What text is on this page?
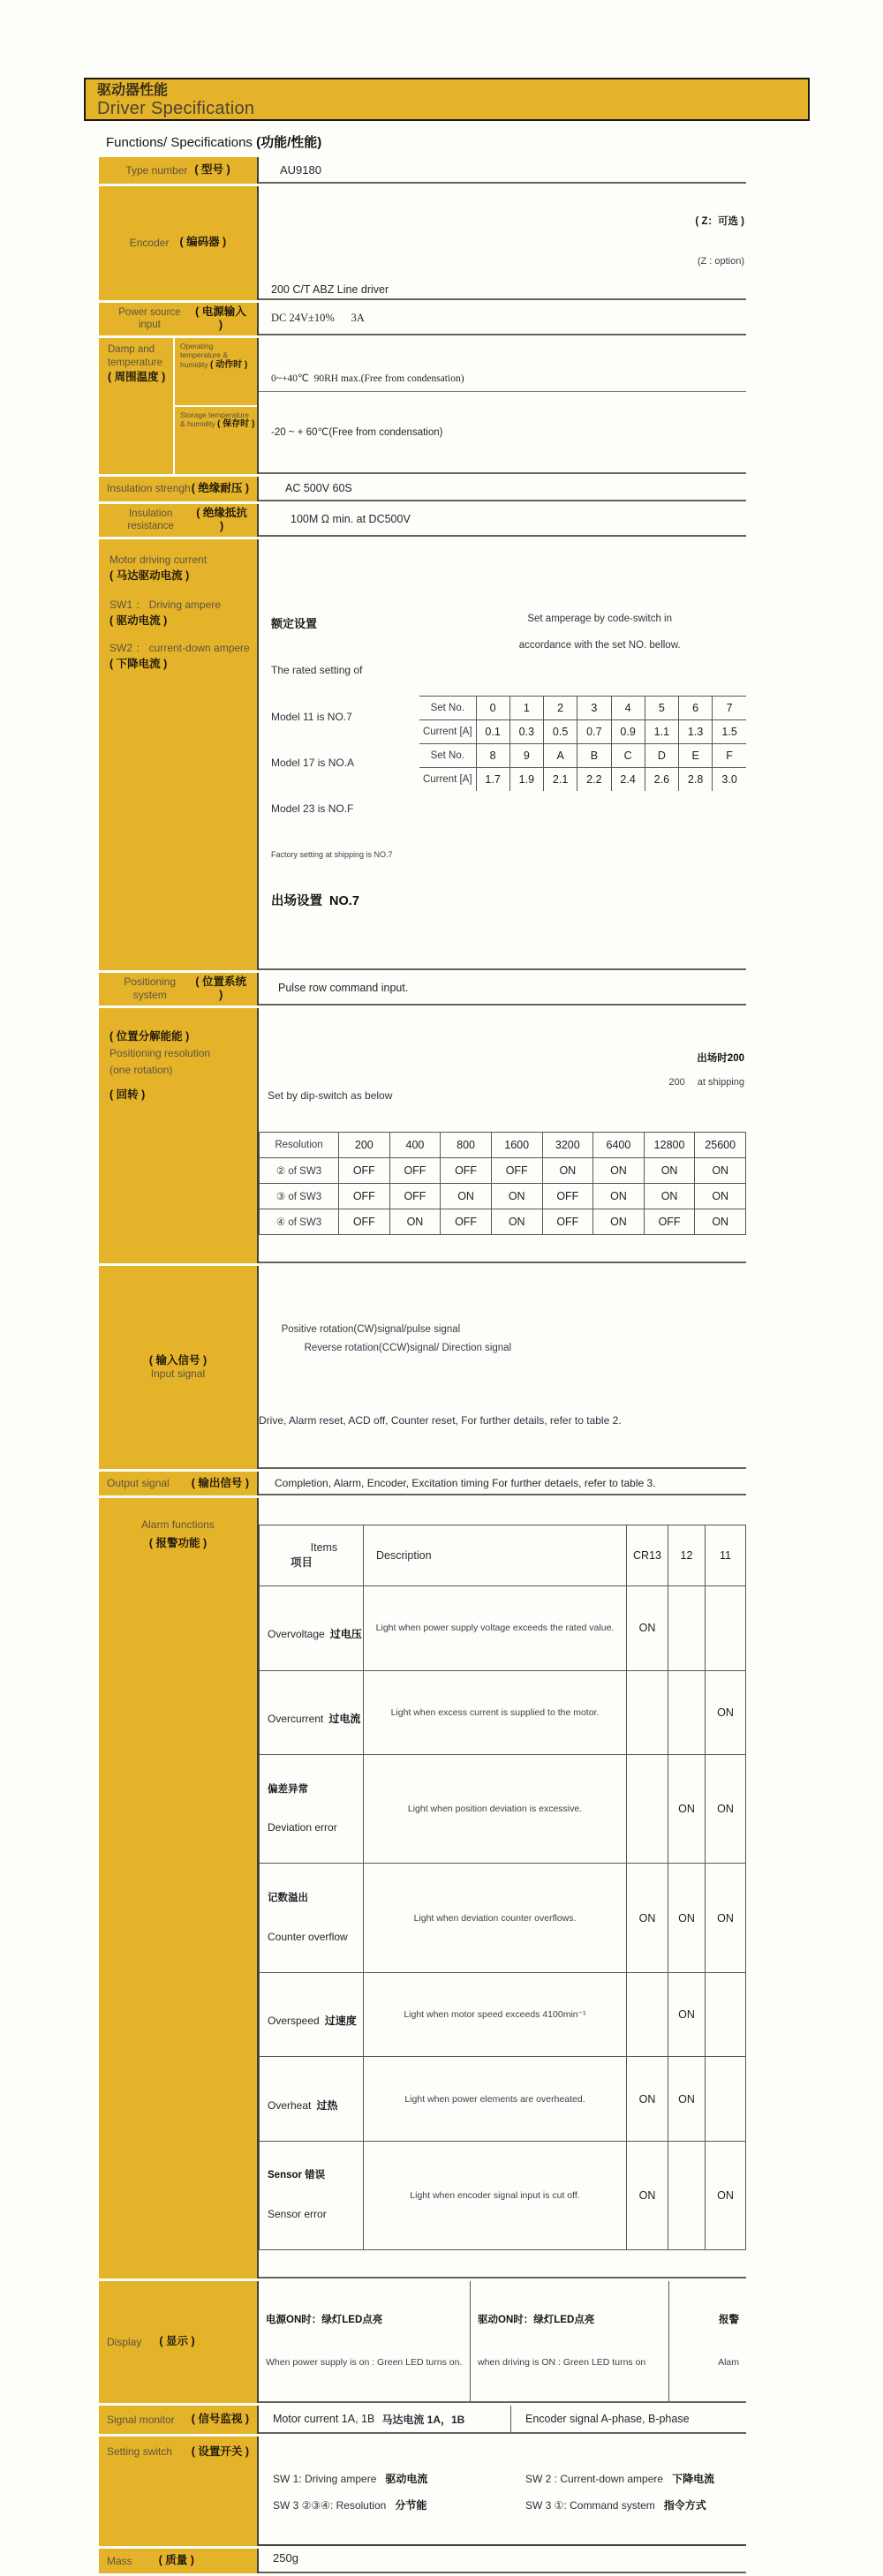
驱动器性能
Driver Specification
Functions/ Specifications (功能/性能)
Type number ( 型号 )	AU9180
Encoder ( 编码器 )
200 C/T ABZ Line driver

( Z：可选 )

(Z : option)

Power source input
( 电源输入 )
DC 24V±10%      3A
Damp and temperature
( 周围温度 )
Operating temperature & humidity ( 动作时 )
Storage temperature & humidity ( 保存时 )

0~+40℃  90RH max.(Free from condensation)

-20 ~ + 60℃(Free from condensation)

Insulation strengh ( 绝缘耐压 )	AC 500V 60S
Insulation resistance
( 绝缘抵抗 )
100M Ω min. at DC500V
Motor driving current
( 马达驱动电流 )
SW1 ： Driving ampere
( 驱动电流 )
SW2 ： current-down ampere
( 下降电流 )

额定设置

The rated setting of

Model 11 is NO.7

Model 17 is NO.A

Model 23 is NO.F

Factory setting at shipping is NO.7

出场设置  NO.7

Set amperage by code-switch in

accordance with the set NO. bellow.

Set No.	0	1	2	3	4	5	6	7
Current [A]	0.1	0.3	0.5	0.7	0.9	1.1	1.3	1.5
Set No.	8	9	A	B	C	D	E	F
Current [A]	1.7	1.9	2.1	2.2	2.4	2.6	2.8	3.0

Positioning system
( 位置系统 )
Pulse row command input.
( 位置分解能能 )
Positioning resolution
(one rotation)
( 回转 )

	Set by dip-switch as below

出场时200

200 at shipping

Resolution	200	400	800	1600	3200	6400	12800	25600
② of SW3	OFF	OFF	OFF	OFF	ON	ON	ON	ON
③ of SW3	OFF	OFF	ON	ON	OFF	ON	ON	ON
④ of SW3	OFF	ON	OFF	ON	OFF	ON	OFF	ON

( 输入信号 )
Input signal

Positive rotation(CW)signal/pulse signal
Reverse rotation(CCW)signal/ Direction signal

Drive, Alarm reset, ACD off, Counter reset, For further details, refer to table 2.

Output signal ( 输出信号 ) Completion, Alarm, Encoder, Excitation timing For further detaels, refer to table 3.
Alarm functions
( 报警功能 )

	Items项目	Description	CR13	12	11

Overvoltage 过电压	Light when power supply voltage exceeds the rated value.	ON		

Overcurrent 过电流	Light when excess current is supplied to the motor.			ON

偏差异常

Deviation error	Light when position deviation is excessive.		ON	ON

记数溢出

Counter overflow	Light when deviation counter overflows.	ON	ON	ON

Overspeed 过速度	Light when motor speed exceeds 4100min⁻¹		ON	

Overheat 过热	Light when power elements are overheated.	ON	ON	

Sensor 错误

Sensor error	Light when encoder signal input is cut off.	ON		ON

Display ( 显示 )

电源ON时：绿灯LED点亮

When power supply is on : Green LED turns on.

驱动ON时：绿灯LED点亮

when driving is ON : Green LED turns on

报警

Alam

Signal monitor ( 信号监视 ) Motor current 1A, 1B 马达电流 1A，1B	Encoder signal A-phase, B-phase
Setting switch ( 设置开关 )

SW 1: Driving ampere 驱动电流	SW 2 : Current-down ampere 下降电流
SW 3 ②③④: Resolution 分节能	SW 3 ①: Command system 指令方式

Mass ( 质量 )	250g
